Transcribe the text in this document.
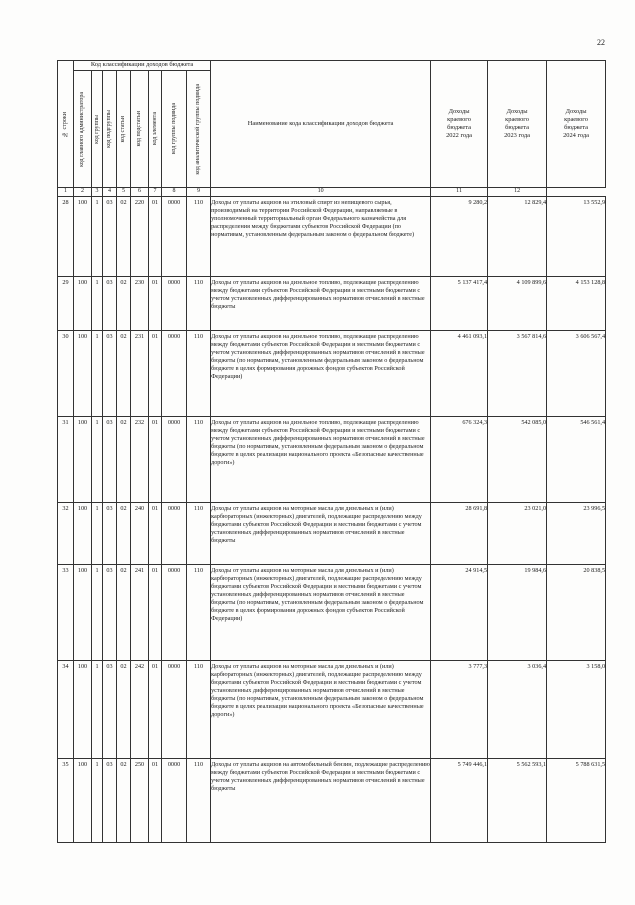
22
№ строки	Код классификации доходов бюджета								Наименование кода классификации доходов бюджета	Доходы
краевого
бюджета
2022 года	Доходы
краевого
бюджета
2023 года	Доходы
краевого
бюджета
2024 года

	код главного администратора	код группы	код подгруппы	код статьи	код подстатьи	код элемента	код группы подвида	код аналитической группы подвида				

1	2	3	4	5	6	7	8	9	10	11	12	
28	100	1	03	02	220	01	0000	110	Доходы от уплаты акцизов на этиловый спирт из непищевого сырья, производимый на территории Российской Федерации, направляемые в уполномоченный территориальный орган Федерального казначейства для распределения между бюджетами субъектов Российской Федерации (по нормативам, установленным федеральным законом о федеральном бюджете)	9 280,2	12 829,4	13 552,9
29	100	1	03	02	230	01	0000	110	Доходы от уплаты акцизов на дизельное топливо, подлежащие распределению между бюджетами субъектов Российской Федерации и местными бюджетами с учетом установленных дифференцированных нормативов отчислений в местные бюджеты	5 137 417,4	4 109 899,6	4 153 128,8
30	100	1	03	02	231	01	0000	110	Доходы от уплаты акцизов на дизельное топливо, подлежащие распределению между бюджетами субъектов Российской Федерации и местными бюджетами с учетом установленных дифференцированных нормативов отчислений в местные бюджеты (по нормативам, установленным федеральным законом о федеральном бюджете в целях формирования дорожных фондов субъектов Российской Федерации)	4 461 093,1	3 567 814,6	3 606 567,4
31	100	1	03	02	232	01	0000	110	Доходы от уплаты акцизов на дизельное топливо, подлежащие распределению между бюджетами субъектов Российской Федерации и местными бюджетами с учетом установленных дифференцированных нормативов отчислений в местные бюджеты (по нормативам, установленным федеральным законом о федеральном бюджете в целях реализации национального проекта «Безопасные качественные дороги»)	676 324,3	542 085,0	546 561,4
32	100	1	03	02	240	01	0000	110	Доходы от уплаты акцизов на моторные масла для дизельных и (или) карбюраторных (инжекторных) двигателей, подлежащие распределению между бюджетами субъектов Российской Федерации и местными бюджетами с учетом установленных дифференцированных нормативов отчислений в местные бюджеты	28 691,8	23 021,0	23 996,5
33	100	1	03	02	241	01	0000	110	Доходы от уплаты акцизов на моторные масла для дизельных и (или) карбюраторных (инжекторных) двигателей, подлежащие распределению между бюджетами субъектов Российской Федерации и местными бюджетами с учетом установленных дифференцированных нормативов отчислений в местные бюджеты (по нормативам, установленным федеральным законом о федеральном бюджете в целях формирования дорожных фондов субъектов Российской Федерации)	24 914,5	19 984,6	20 838,5
34	100	1	03	02	242	01	0000	110	Доходы от уплаты акцизов на моторные масла для дизельных и (или) карбюраторных (инжекторных) двигателей, подлежащие распределению между бюджетами субъектов Российской Федерации и местными бюджетами с учетом установленных дифференцированных нормативов отчислений в местные бюджеты (по нормативам, установленным федеральным законом о федеральном бюджете в целях реализации национального проекта «Безопасные качественные дороги»)	3 777,3	3 036,4	3 158,0
35	100	1	03	02	250	01	0000	110	Доходы от уплаты акцизов на автомобильный бензин, подлежащие распределению между бюджетами субъектов Российской Федерации и местными бюджетами с учетом установленных дифференцированных нормативов отчислений в местные бюджеты	5 749 446,1	5 562 593,1	5 788 631,5
